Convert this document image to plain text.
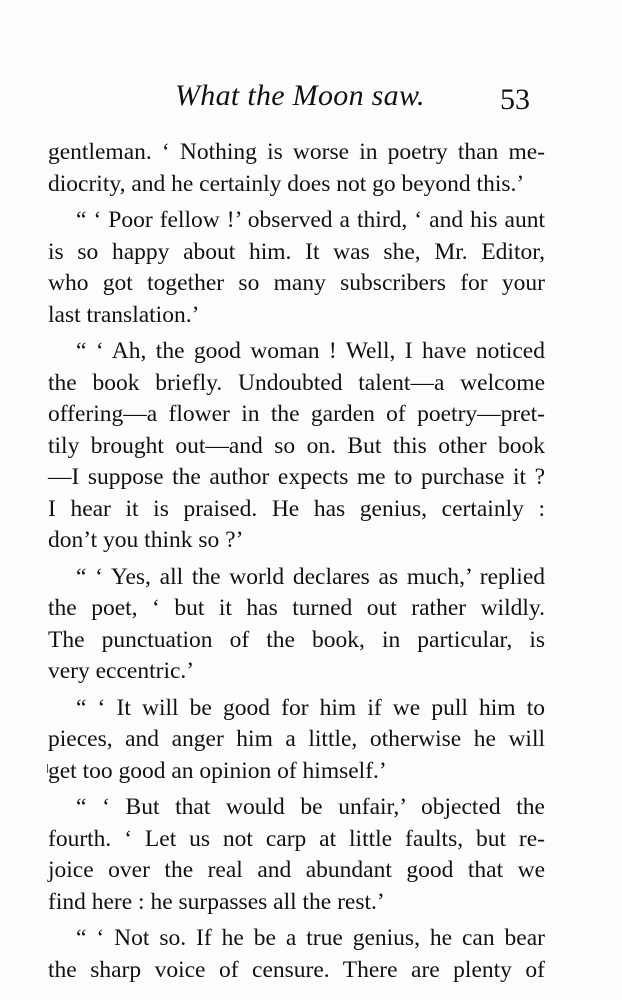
What the Moon saw.	53
gentleman. ‘ Nothing is worse in poetry than me-
diocrity, and he certainly does not go beyond this.’
“ ‘ Poor fellow !’ observed a third, ‘ and his aunt
is so happy about him. It was she, Mr. Editor,
who got together so many subscribers for your
last translation.’
“ ‘ Ah, the good woman ! Well, I have noticed
the book briefly. Undoubted talent—a welcome
offering—a flower in the garden of poetry—pret-
tily brought out—and so on. But this other book
—I suppose the author expects me to purchase it ?
I hear it is praised. He has genius, certainly :
don’t you think so ?’
“ ‘ Yes, all the world declares as much,’ replied
the poet, ‘ but it has turned out rather wildly.
The punctuation of the book, in particular, is
very eccentric.’
“ ‘ It will be good for him if we pull him to
pieces, and anger him a little, otherwise he will
get too good an opinion of himself.’
“ ‘ But that would be unfair,’ objected the
fourth. ‘ Let us not carp at little faults, but re-
joice over the real and abundant good that we
find here : he surpasses all the rest.’
“ ‘ Not so. If he be a true genius, he can bear
the sharp voice of censure. There are plenty of
